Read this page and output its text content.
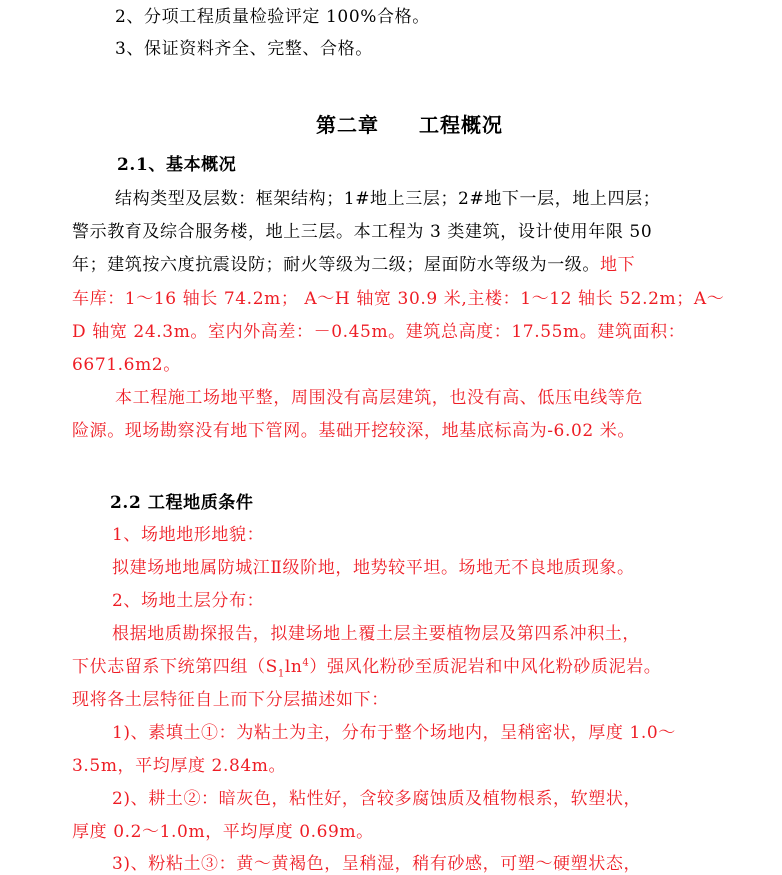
2、分项工程质量检验评定 100%合格。
3、保证资料齐全、完整、合格。
第二章 工程概况
2.1、基本概况
结构类型及层数：框架结构；1#地上三层；2#地下一层，地上四层；
警示教育及综合服务楼，地上三层。本工程为 3 类建筑，设计使用年限 50
年；建筑按六度抗震设防；耐火等级为二级；屋面防水等级为一级。地下
车库：1～16 轴长 74.2m； A～H 轴宽 30.9 米,主楼：1～12 轴长 52.2m；A～
D 轴宽 24.3m。室内外高差：－0.45m。建筑总高度：17.55m。建筑面积：
6671.6m2。
本工程施工场地平整，周围没有高层建筑，也没有高、低压电线等危
险源。现场勘察没有地下管网。基础开挖较深，地基底标高为-6.02 米。
2.2 工程地质条件
1、场地地形地貌：
拟建场地地属防城江Ⅱ级阶地，地势较平坦。场地无不良地质现象。
2、场地土层分布：
根据地质勘探报告，拟建场地上覆土层主要植物层及第四系冲积土，
下伏志留系下统第四组$(S_1\ln^4)$强风化粉砂至质泥岩和中风化粉砂质泥岩。
现将各土层特征自上而下分层描述如下：
1)、素填土①：为粘土为主，分布于整个场地内，呈稍密状，厚度 1.0～
3.5m，平均厚度 2.84m。
2)、耕土②：暗灰色，粘性好，含较多腐蚀质及植物根系，软塑状，
厚度 0.2～1.0m，平均厚度 0.69m。
3)、粉粘土③：黄～黄褐色，呈稍湿，稍有砂感，可塑～硬塑状态，
